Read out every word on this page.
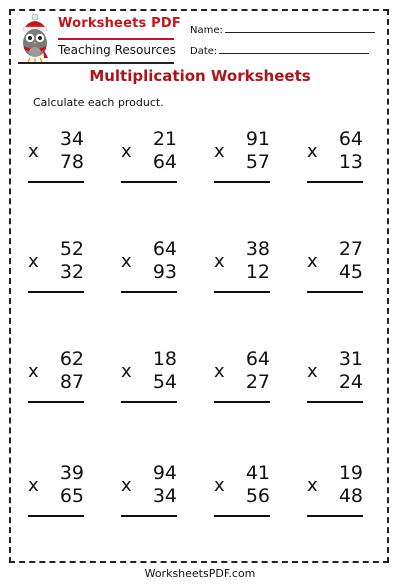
Worksheets PDF
Teaching Resources
Name:
Date:
Multiplication Worksheets
Calculate each product.
x
34
78 x
21
64 x
91
57 x
64
13
x
52
32 x
64
93 x
38
12 x
27
45
x
62
87 x
18
54 x
64
27 x
31
24
x
39
65 x
94
34 x
41
56 x
19
48
WorksheetsPDF.com
